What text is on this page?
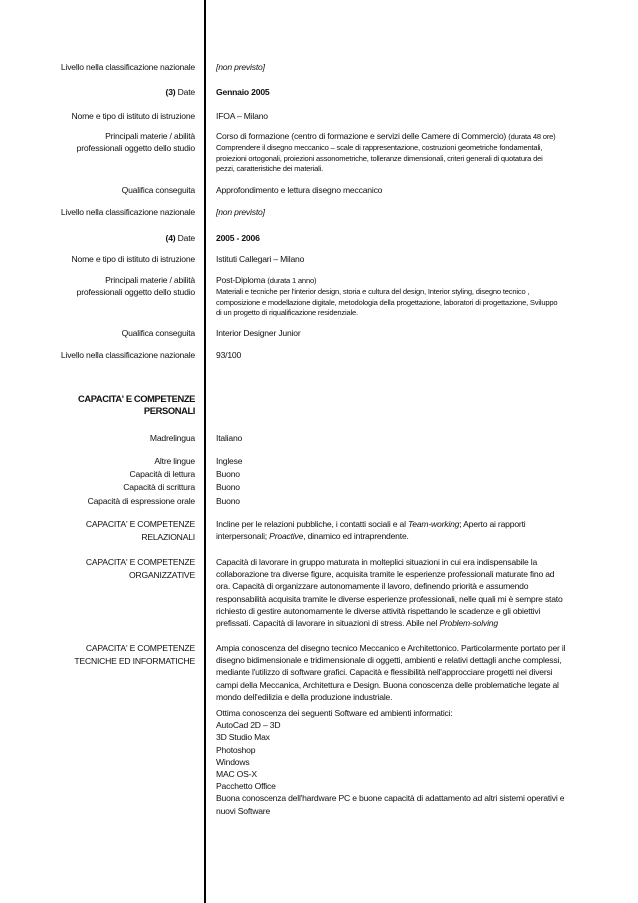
Livello nella classificazione nazionale [non previsto]
(3) Date Gennaio 2005
Nome e tipo di istituto di istruzione IFOA – Milano
Principali materie / abilità
professionali oggetto dello studio
Corso di formazione (centro di formazione e servizi delle Camere di Commercio) (durata 48 ore)
Comprendere il disegno meccanico – scale di rappresentazione, costruzioni geometriche fondamentali,
proiezioni ortogonali, proiezioni assonometriche, tolleranze dimensionali, criteri generali di quotatura dei
pezzi, caratteristiche dei materiali.
Qualifica conseguita Approfondimento e lettura disegno meccanico
Livello nella classificazione nazionale [non previsto]
(4) Date 2005 - 2006
Nome e tipo di istituto di istruzione Istituti Callegari – Milano
Principali materie / abilità
professionali oggetto dello studio
Post-Diploma (durata 1 anno)
Materiali e tecniche per l'interior design, storia e cultura del design, Interior styling, disegno tecnico ,
composizione e modellazione digitale, metodologia della progettazione, laboratori di progettazione, Sviluppo
di un progetto di riqualificazione residenziale.
Qualifica conseguita Interior Designer Junior
Livello nella classificazione nazionale 93/100
CAPACITA' E COMPETENZE
PERSONALI
Madrelingua Italiano
Altre lingue
Capacità di lettura
Capacità di scrittura
Capacità di espressione orale
Inglese
Buono
Buono
Buono
CAPACITA' E COMPETENZE
RELAZIONALI
Incline per le relazioni pubbliche, i contatti sociali e al Team-working; Aperto ai rapporti
interpersonali; Proactive, dinamico ed intraprendente.
CAPACITA' E COMPETENZE
ORGANIZZATIVE
Capacità di lavorare in gruppo maturata in molteplici situazioni in cui era indispensabile la
collaborazione tra diverse figure, acquisita tramite le esperienze professionali maturate fino ad
ora. Capacità di organizzare autonomamente il lavoro, definendo priorità e assumendo
responsabilità acquisita tramite le diverse esperienze professionali, nelle quali mi è sempre stato
richiesto di gestire autonomamente le diverse attività rispettando le scadenze e gli obiettivi
prefissati. Capacità di lavorare in situazioni di stress. Abile nel Problem-solving
CAPACITA' E COMPETENZE
TECNICHE ED INFORMATICHE
Ampia conoscenza del disegno tecnico Meccanico e Architettonico. Particolarmente portato per il
disegno bidimensionale e tridimensionale di oggetti, ambienti e relativi dettagli anche complessi,
mediante l'utilizzo di software grafici. Capacità e flessibilità nell'approcciare progetti nei diversi
campi della Meccanica, Architettura e Design. Buona conoscenza delle problematiche legate al
mondo dell'edilizia e della produzione industriale.
Ottima conoscenza dei seguenti Software ed ambienti informatici:
AutoCad 2D – 3D
3D Studio Max
Photoshop
Windows
MAC OS-X
Pacchetto Office
Buona conoscenza dell'hardware PC e buone capacità di adattamento ad altri sistemi operativi e
nuovi Software
